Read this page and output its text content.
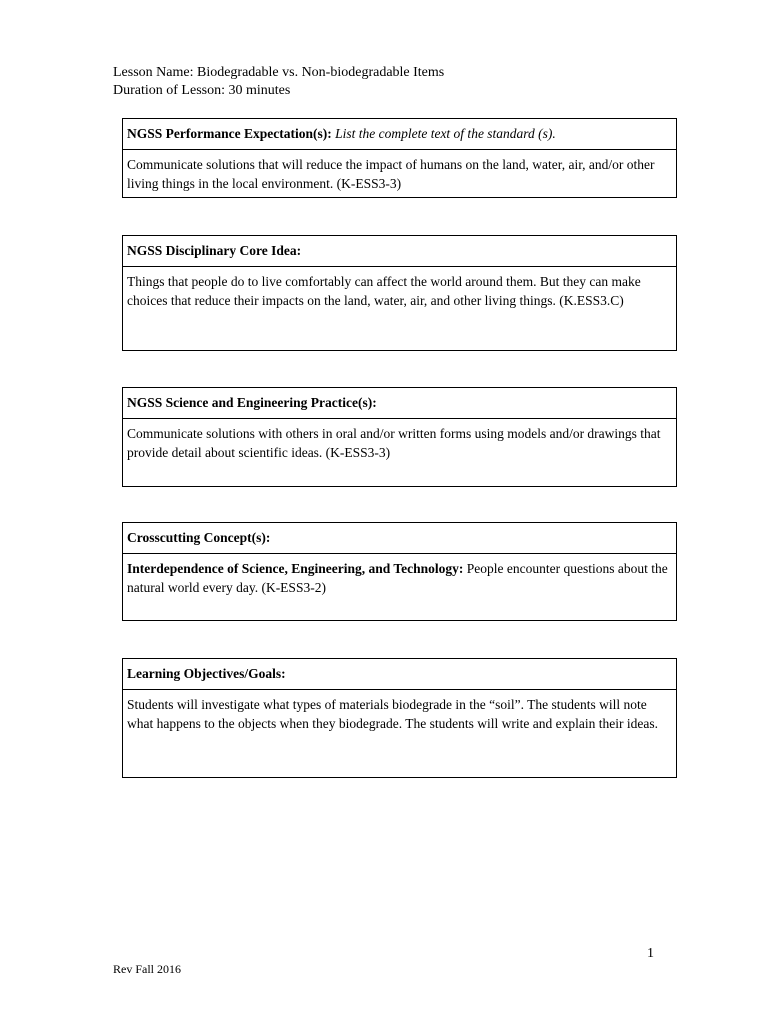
Lesson Name: Biodegradable vs. Non-biodegradable Items
Duration of Lesson: 30 minutes
NGSS Performance Expectation(s): List the complete text of the standard (s).
Communicate solutions that will reduce the impact of humans on the land, water, air, and/or other living things in the local environment. (K-ESS3-3)
NGSS Disciplinary Core Idea:
Things that people do to live comfortably can affect the world around them. But they can make choices that reduce their impacts on the land, water, air, and other living things. (K.ESS3.C)
NGSS Science and Engineering Practice(s):
Communicate solutions with others in oral and/or written forms using models and/or drawings that provide detail about scientific ideas. (K-ESS3-3)
Crosscutting Concept(s):
Interdependence of Science, Engineering, and Technology: People encounter questions about the natural world every day. (K-ESS3-2)
Learning Objectives/Goals:
Students will investigate what types of materials biodegrade in the “soil”. The students will note what happens to the objects when they biodegrade. The students will write and explain their ideas.
1
Rev Fall 2016
